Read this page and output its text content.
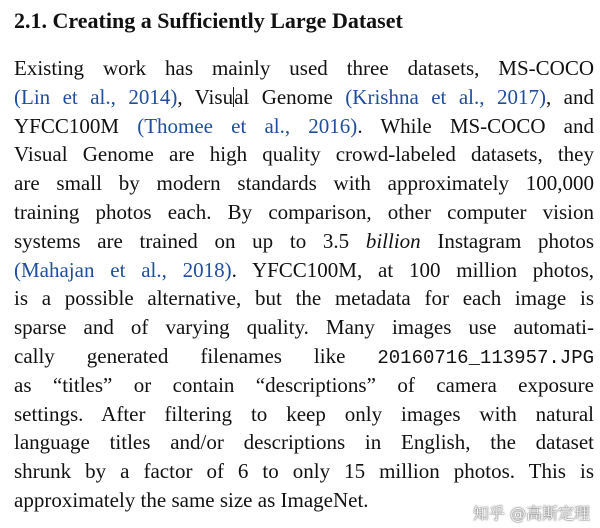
2.1. Creating a Sufficiently Large Dataset
Existing work has mainly used three datasets, MS-COCO
(Lin et al., 2014), Visual Genome (Krishna et al., 2017), and
YFCC100M (Thomee et al., 2016). While MS-COCO and
Visual Genome are high quality crowd-labeled datasets, they
are small by modern standards with approximately 100,000
training photos each. By comparison, other computer vision
systems are trained on up to 3.5 billion Instagram photos
(Mahajan et al., 2018). YFCC100M, at 100 million photos,
is a possible alternative, but the metadata for each image is
sparse and of varying quality. Many images use automati-
cally generated filenames like 20160716_113957.JPG
as “titles” or contain “descriptions” of camera exposure
settings. After filtering to keep only images with natural
language titles and/or descriptions in English, the dataset
shrunk by a factor of 6 to only 15 million photos. This is
approximately the same size as ImageNet.
知乎 @高斯定理
